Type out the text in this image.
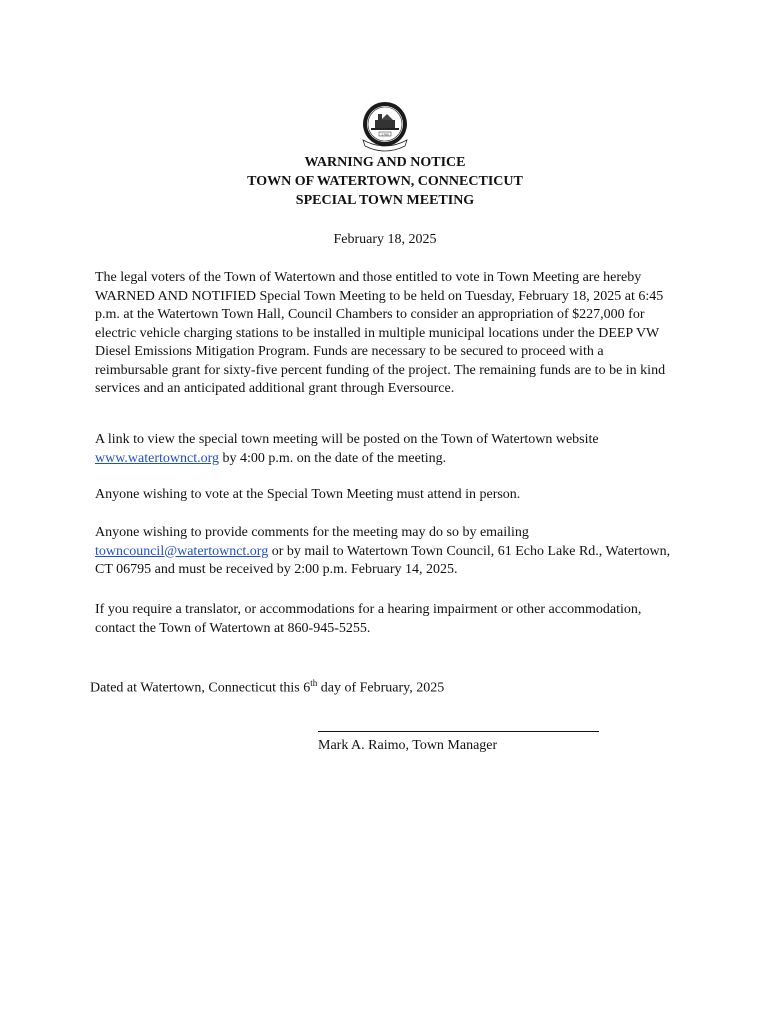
1780
WARNING AND NOTICE
TOWN OF WATERTOWN, CONNECTICUT
SPECIAL TOWN MEETING
February 18, 2025

The legal voters of the Town of Watertown and those entitled to vote in Town Meeting are hereby WARNED AND NOTIFIED Special Town Meeting to be held on Tuesday, February 18, 2025 at 6:45 p.m. at the Watertown Town Hall, Council Chambers to consider an appropriation of $227,000 for electric vehicle charging stations to be installed in multiple municipal locations under the DEEP VW Diesel Emissions Mitigation Program. Funds are necessary to be secured to proceed with a reimbursable grant for sixty-five percent funding of the project. The remaining funds are to be in kind services and an anticipated additional grant through Eversource.

A link to view the special town meeting will be posted on the Town of Watertown website www.watertownct.org by 4:00 p.m. on the date of the meeting.

Anyone wishing to vote at the Special Town Meeting must attend in person.

Anyone wishing to provide comments for the meeting may do so by emailing towncouncil@watertownct.org or by mail to Watertown Town Council, 61 Echo Lake Rd., Watertown, CT 06795 and must be received by 2:00 p.m. February 14, 2025.

If you require a translator, or accommodations for a hearing impairment or other accommodation, contact the Town of Watertown at 860-945-5255.

Dated at Watertown, Connecticut this 6th day of February, 2025
Mark A. Raimo, Town Manager
